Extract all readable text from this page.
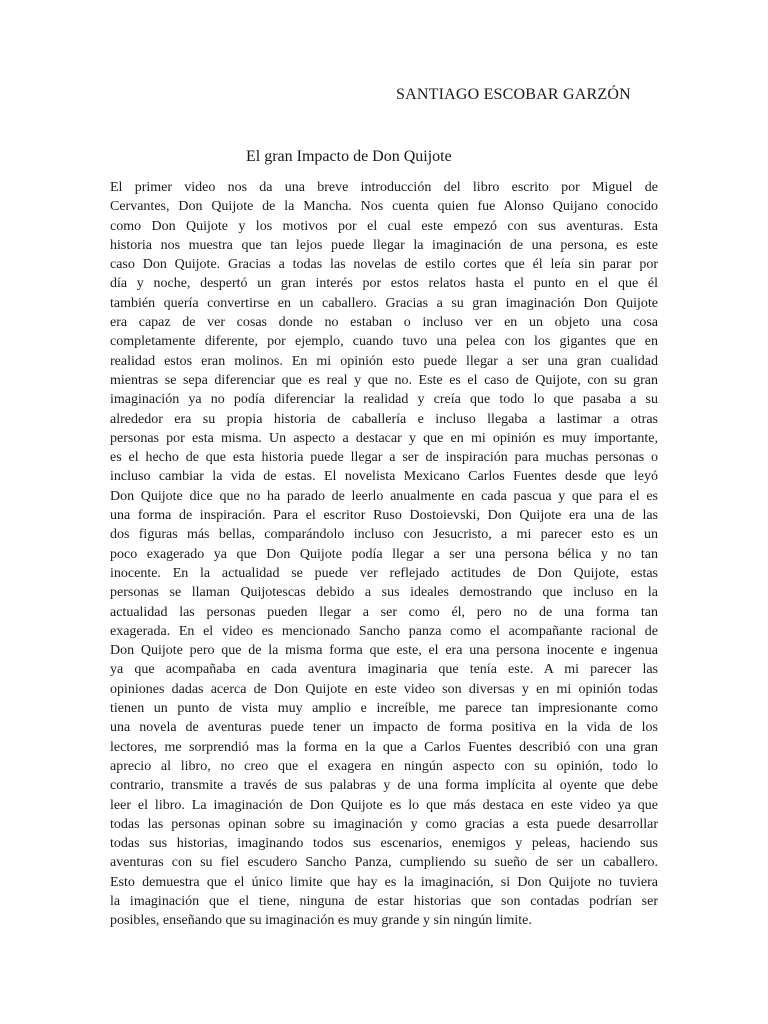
SANTIAGO ESCOBAR GARZÓN
El gran Impacto de Don Quijote
El primer video nos da una breve introducción del libro escrito por Miguel de
Cervantes, Don Quijote de la Mancha. Nos cuenta quien fue Alonso Quijano conocido
como Don Quijote y los motivos por el cual este empezó con sus aventuras. Esta
historia nos muestra que tan lejos puede llegar la imaginación de una persona, es este
caso Don Quijote. Gracias a todas las novelas de estilo cortes que él leía sin parar por
día y noche, despertó un gran interés por estos relatos hasta el punto en el que él
también quería convertirse en un caballero. Gracias a su gran imaginación Don Quijote
era capaz de ver cosas donde no estaban o incluso ver en un objeto una cosa
completamente diferente, por ejemplo, cuando tuvo una pelea con los gigantes que en
realidad estos eran molinos. En mi opinión esto puede llegar a ser una gran cualidad
mientras se sepa diferenciar que es real y que no. Este es el caso de Quijote, con su gran
imaginación ya no podía diferenciar la realidad y creía que todo lo que pasaba a su
alrededor era su propia historia de caballería e incluso llegaba a lastimar a otras
personas por esta misma. Un aspecto a destacar y que en mi opinión es muy importante,
es el hecho de que esta historia puede llegar a ser de inspiración para muchas personas o
incluso cambiar la vida de estas. El novelista Mexicano Carlos Fuentes desde que leyó
Don Quijote dice que no ha parado de leerlo anualmente en cada pascua y que para el es
una forma de inspiración. Para el escritor Ruso Dostoievski, Don Quijote era una de las
dos figuras más bellas, comparándolo incluso con Jesucristo, a mi parecer esto es un
poco exagerado ya que Don Quijote podía llegar a ser una persona bélica y no tan
inocente. En la actualidad se puede ver reflejado actitudes de Don Quijote, estas
personas se llaman Quijotescas debido a sus ideales demostrando que incluso en la
actualidad las personas pueden llegar a ser como él, pero no de una forma tan
exagerada. En el video es mencionado Sancho panza como el acompañante racional de
Don Quijote pero que de la misma forma que este, el era una persona inocente e ingenua
ya que acompañaba en cada aventura imaginaria que tenía este. A mi parecer las
opiniones dadas acerca de Don Quijote en este video son diversas y en mi opinión todas
tienen un punto de vista muy amplio e increíble, me parece tan impresionante como
una novela de aventuras puede tener un impacto de forma positiva en la vida de los
lectores, me sorprendió mas la forma en la que a Carlos Fuentes describió con una gran
aprecio al libro, no creo que el exagera en ningún aspecto con su opinión, todo lo
contrario, transmite a través de sus palabras y de una forma implícita al oyente que debe
leer el libro. La imaginación de Don Quijote es lo que más destaca en este video ya que
todas las personas opinan sobre su imaginación y como gracias a esta puede desarrollar
todas sus historias, imaginando todos sus escenarios, enemigos y peleas, haciendo sus
aventuras con su fiel escudero Sancho Panza, cumpliendo su sueño de ser un caballero.
Esto demuestra que el único limite que hay es la imaginación, si Don Quijote no tuviera
la imaginación que el tiene, ninguna de estar historias que son contadas podrían ser
posibles, enseñando que su imaginación es muy grande y sin ningún limite.
